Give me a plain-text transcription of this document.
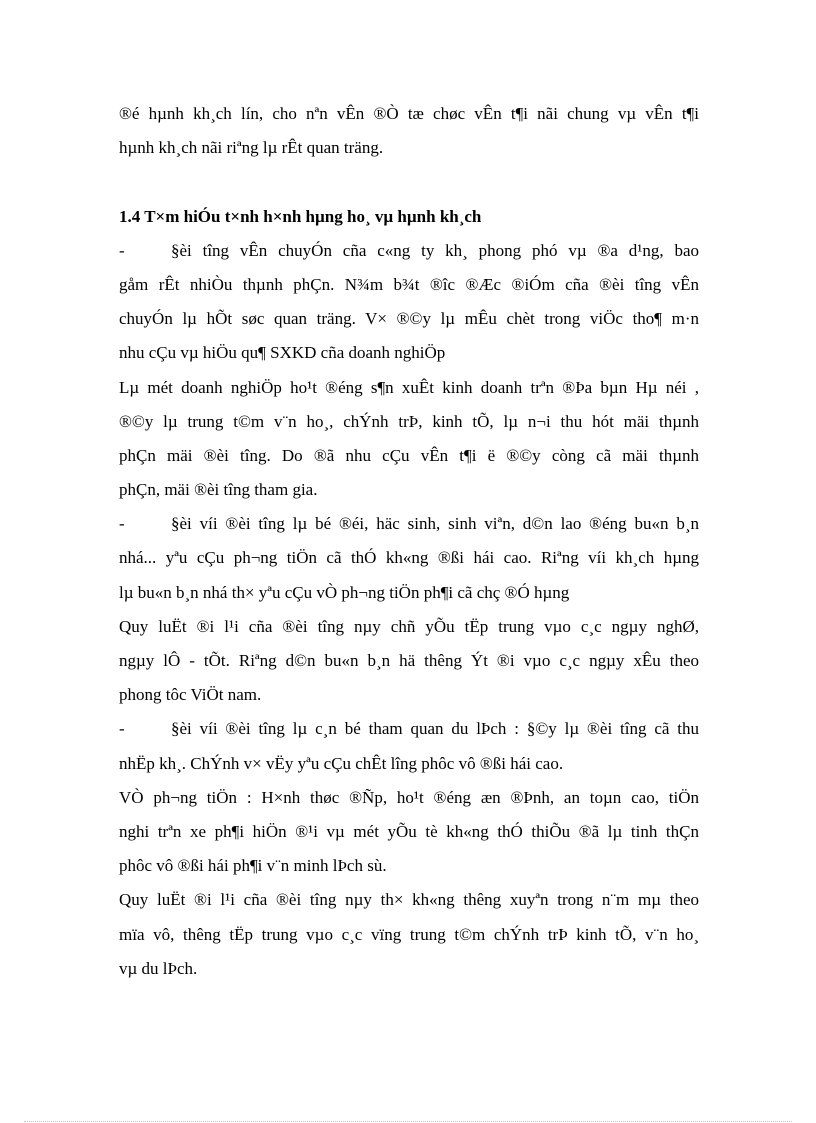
®é hµnh kh¸ch lín, cho nªn vÊn ®Ò tæ chøc vÊn t¶i nãi chung vµ vÊn t¶i
hµnh kh¸ch nãi riªng lµ rÊt quan träng.
1.4 T×m hiÓu t×nh h×nh hµng ho¸ vµ hµnh kh¸ch
-	§èi tîng vÊn chuyÓn cña c«ng ty kh¸ phong phó vµ ®a d¹ng, bao
gåm rÊt nhiÒu thµnh phÇn. N¾m b¾t ®îc ®Æc ®iÓm cña ®èi tîng vÊn
chuyÓn lµ hÕt søc quan träng. V× ®©y lµ mÊu chèt trong viÖc tho¶ m·n
nhu cÇu vµ hiÖu qu¶ SXKD cña doanh nghiÖp
Lµ mét doanh nghiÖp ho¹t ®éng s¶n xuÊt kinh doanh trªn ®Þa bµn Hµ néi ,
®©y lµ trung t©m v¨n ho¸, chÝnh trÞ, kinh tÕ, lµ n¬i thu hót mäi thµnh
phÇn mäi ®èi tîng. Do ®ã nhu cÇu vÊn t¶i ë ®©y còng cã mäi thµnh
phÇn, mäi ®èi tîng tham gia.
-	§èi víi ®èi tîng lµ bé ®éi, häc sinh, sinh viªn, d©n lao ®éng bu«n b¸n
nhá... yªu cÇu ph¬ng tiÖn cã thÓ kh«ng ®ßi hái cao. Riªng víi kh¸ch hµng
lµ bu«n b¸n nhá th× yªu cÇu vÒ ph¬ng tiÖn ph¶i cã chç ®Ó hµng
Quy luËt ®i l¹i cña ®èi tîng nµy chñ yÕu tËp trung vµo c¸c ngµy nghØ,
ngµy lÔ - tÕt. Riªng d©n bu«n b¸n hä thêng Ýt ®i vµo c¸c ngµy xÊu theo
phong tôc ViÖt nam.
-	§èi víi ®èi tîng lµ c¸n bé tham quan du lÞch : §©y lµ ®èi tîng cã thu
nhËp kh¸. ChÝnh v× vËy yªu cÇu chÊt lîng phôc vô ®ßi hái cao.
VÒ ph¬ng tiÖn : H×nh thøc ®Ñp, ho¹t ®éng æn ®Þnh, an toµn cao, tiÖn
nghi trªn xe ph¶i hiÖn ®¹i vµ mét yÕu tè kh«ng thÓ thiÕu ®ã lµ tinh thÇn
phôc vô ®ßi hái ph¶i v¨n minh lÞch sù.
Quy luËt ®i l¹i cña ®èi tîng nµy th× kh«ng thêng xuyªn trong n¨m mµ theo
mïa vô, thêng tËp trung vµo c¸c vïng trung t©m chÝnh trÞ kinh tÕ, v¨n ho¸
vµ du lÞch.
